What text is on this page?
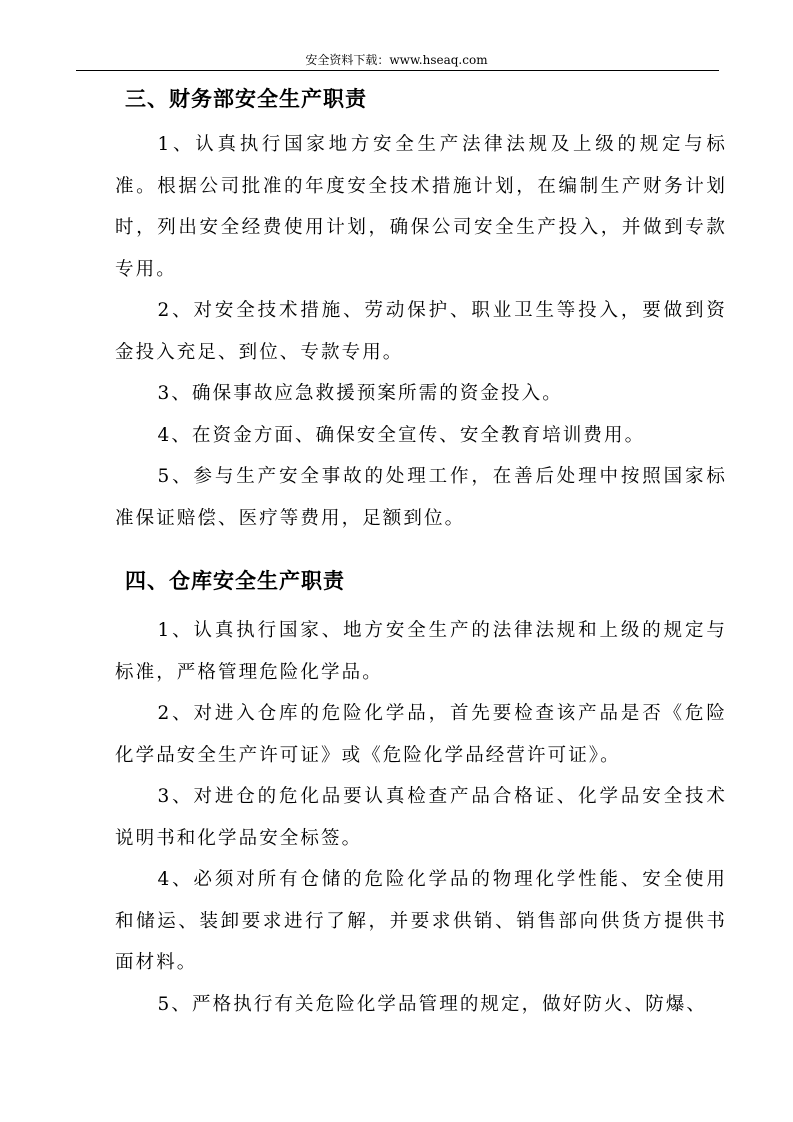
安全资料下载：www.hseaq.com
三、财务部安全生产职责

1、认真执行国家地方安全生产法律法规及上级的规定与标准。根据公司批准的年度安全技术措施计划，在编制生产财务计划时，列出安全经费使用计划，确保公司安全生产投入，并做到专款专用。

2、对安全技术措施、劳动保护、职业卫生等投入，要做到资金投入充足、到位、专款专用。

3、确保事故应急救援预案所需的资金投入。

4、在资金方面、确保安全宣传、安全教育培训费用。

5、参与生产安全事故的处理工作，在善后处理中按照国家标准保证赔偿、医疗等费用，足额到位。

四、仓库安全生产职责

1、认真执行国家、地方安全生产的法律法规和上级的规定与标准，严格管理危险化学品。

2、对进入仓库的危险化学品，首先要检查该产品是否《危险化学品安全生产许可证》或《危险化学品经营许可证》。

3、对进仓的危化品要认真检查产品合格证、化学品安全技术说明书和化学品安全标签。

4、必须对所有仓储的危险化学品的物理化学性能、安全使用和储运、装卸要求进行了解，并要求供销、销售部向供货方提供书面材料。

5、严格执行有关危险化学品管理的规定，做好防火、防爆、
